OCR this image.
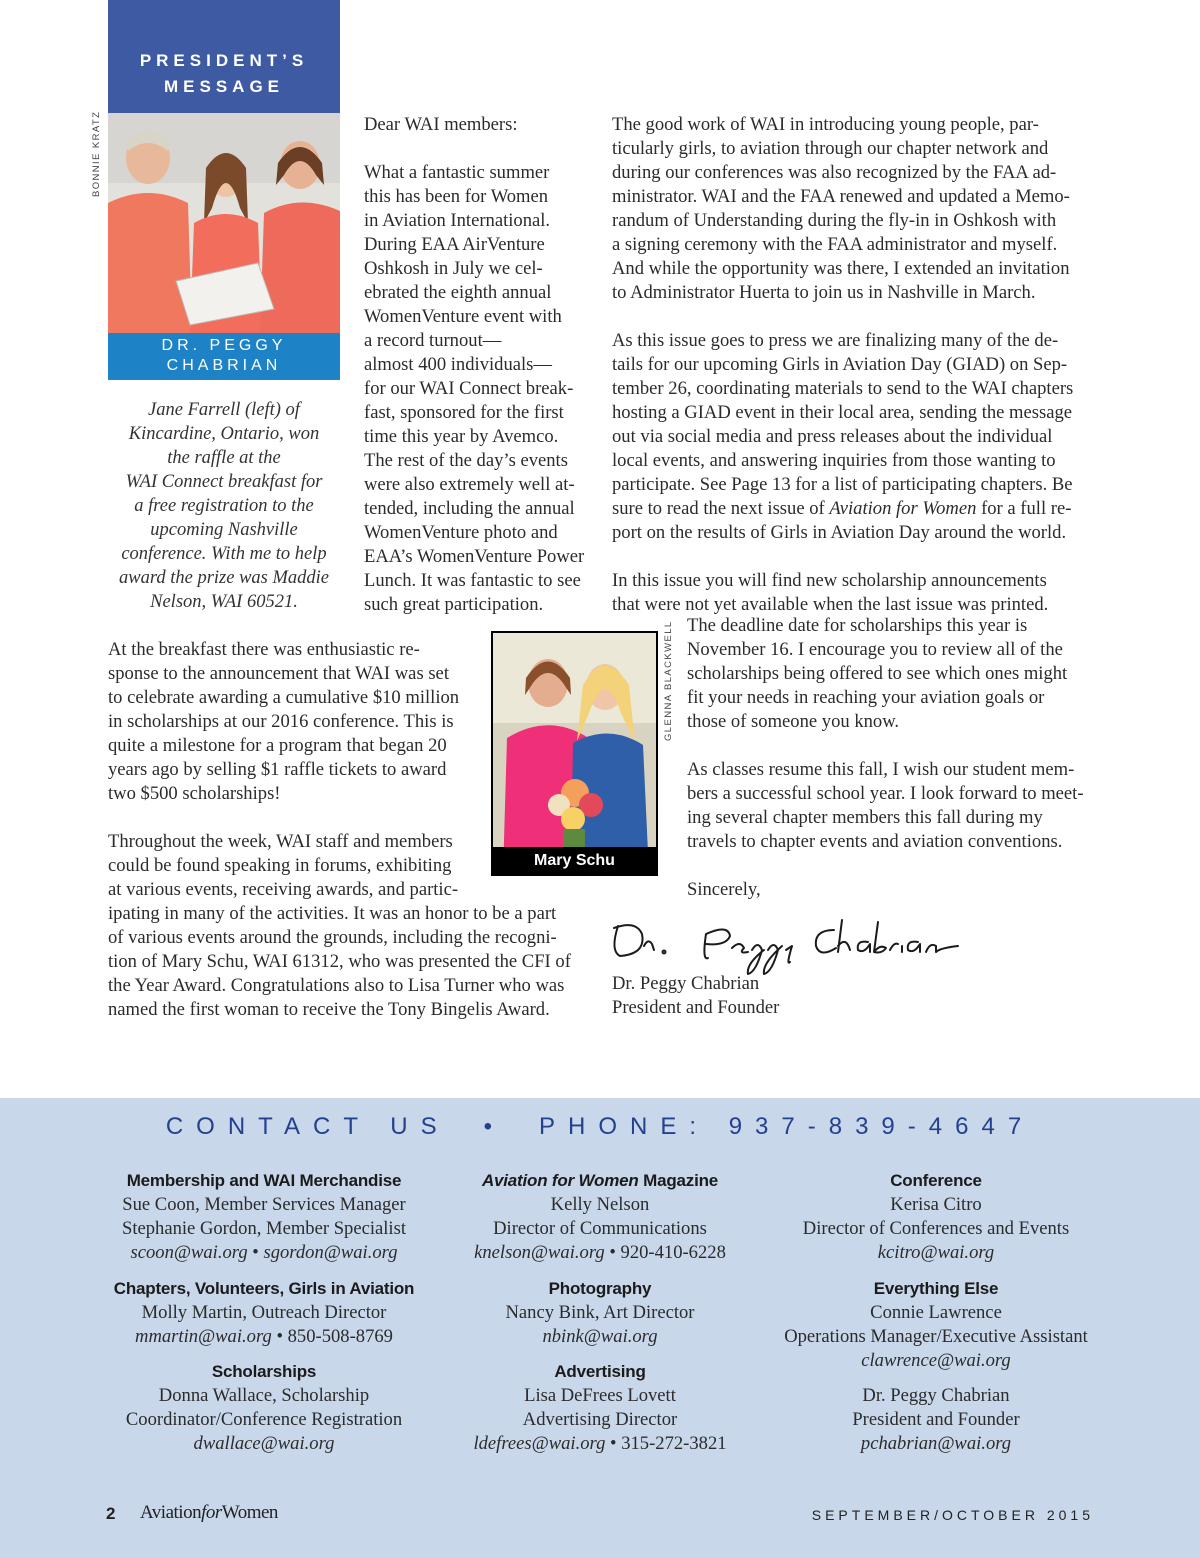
PRESIDENT’S
MESSAGE
DR. PEGGY
CHABRIAN
BONNIE KRATZ
Jane Farrell (left) of
Kincardine, Ontario, won
the raffle at the
WAI Connect breakfast for
a free registration to the
upcoming Nashville
conference. With me to help
award the prize was Maddie
Nelson, WAI 60521.

Dear WAI members:

What a fantastic summer
this has been for Women
in Aviation International.
During EAA AirVenture
Oshkosh in July we cel-
ebrated the eighth annual
WomenVenture event with
a record turnout—
almost 400 individuals—
for our WAI Connect break-
fast, sponsored for the first
time this year by Avemco.
The rest of the day’s events
were also extremely well at-
tended, including the annual
WomenVenture photo and
EAA’s WomenVenture Power
Lunch. It was fantastic to see
such great participation.

At the breakfast there was enthusiastic re-
sponse to the announcement that WAI was set
to celebrate awarding a cumulative $10 million
in scholarships at our 2016 conference. This is
quite a milestone for a program that began 20
years ago by selling $1 raffle tickets to award
two $500 scholarships!

Throughout the week, WAI staff and members
could be found speaking in forums, exhibiting
at various events, receiving awards, and partic-
ipating in many of the activities. It was an honor to be a part
of various events around the grounds, including the recogni-
tion of Mary Schu, WAI 61312, who was presented the CFI of
the Year Award. Congratulations also to Lisa Turner who was
named the first woman to receive the Tony Bingelis Award.

The good work of WAI in introducing young people, par-
ticularly girls, to aviation through our chapter network and
during our conferences was also recognized by the FAA ad-
ministrator. WAI and the FAA renewed and updated a Memo-
randum of Understanding during the fly-in in Oshkosh with
a signing ceremony with the FAA administrator and myself.
And while the opportunity was there, I extended an invitation
to Administrator Huerta to join us in Nashville in March.

As this issue goes to press we are finalizing many of the de-
tails for our upcoming Girls in Aviation Day (GIAD) on Sep-
tember 26, coordinating materials to send to the WAI chapters
hosting a GIAD event in their local area, sending the message
out via social media and press releases about the individual
local events, and answering inquiries from those wanting to
participate. See Page 13 for a list of participating chapters. Be
sure to read the next issue of Aviation for Women for a full re-
port on the results of Girls in Aviation Day around the world.

In this issue you will find new scholarship announcements
that were not yet available when the last issue was printed.

The deadline date for scholarships this year is
November 16. I encourage you to review all of the
scholarships being offered to see which ones might
fit your needs in reaching your aviation goals or
those of someone you know.

As classes resume this fall, I wish our student mem-
bers a successful school year. I look forward to meet-
ing several chapter members this fall during my
travels to chapter events and aviation conventions.

Sincerely,

Mary Schu
GLENNA BLACKWELL
Dr. Peggy Chabrian
President and Founder
CONTACT US • PHONE: 937-839-4647
Membership and WAI Merchandise
Sue Coon, Member Services Manager
Stephanie Gordon, Member Specialist
scoon@wai.org • sgordon@wai.org
Chapters, Volunteers, Girls in Aviation
Molly Martin, Outreach Director
mmartin@wai.org • 850-508-8769
Scholarships
Donna Wallace, Scholarship
Coordinator/Conference Registration
dwallace@wai.org
Aviation for Women Magazine
Kelly Nelson
Director of Communications
knelson@wai.org • 920-410-6228
Photography
Nancy Bink, Art Director
nbink@wai.org
Advertising
Lisa DeFrees Lovett
Advertising Director
ldefrees@wai.org • 315-272-3821
Conference
Kerisa Citro
Director of Conferences and Events
kcitro@wai.org
Everything Else
Connie Lawrence
Operations Manager/Executive Assistant
clawrence@wai.org
Dr. Peggy Chabrian
President and Founder
pchabrian@wai.org
2 AviationforWomen	SEPTEMBER/OCTOBER 2015
